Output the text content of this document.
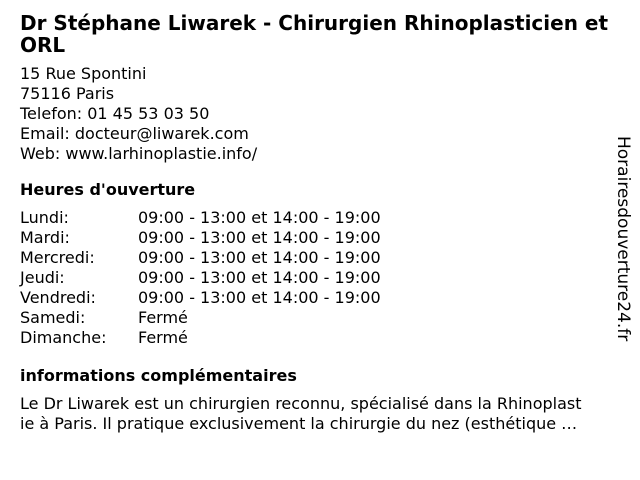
Dr Stéphane Liwarek - Chirurgien Rhinoplasticien et ORL
15 Rue Spontini
75116 Paris
Telefon: 01 45 53 03 50
Email: docteur@liwarek.com
Web: www.larhinoplastie.info/
Heures d'ouverture
Lundi:	09:00 - 13:00 et 14:00 - 19:00
Mardi:	09:00 - 13:00 et 14:00 - 19:00
Mercredi:	09:00 - 13:00 et 14:00 - 19:00
Jeudi:	09:00 - 13:00 et 14:00 - 19:00
Vendredi:	09:00 - 13:00 et 14:00 - 19:00
Samedi:	Fermé
Dimanche:	Fermé
informations complémentaires
Le Dr Liwarek est un chirurgien reconnu, spécialisé dans la Rhinoplast
ie à Paris. Il pratique exclusivement la chirurgie du nez (esthétique …
Horairesdouverture24.fr
